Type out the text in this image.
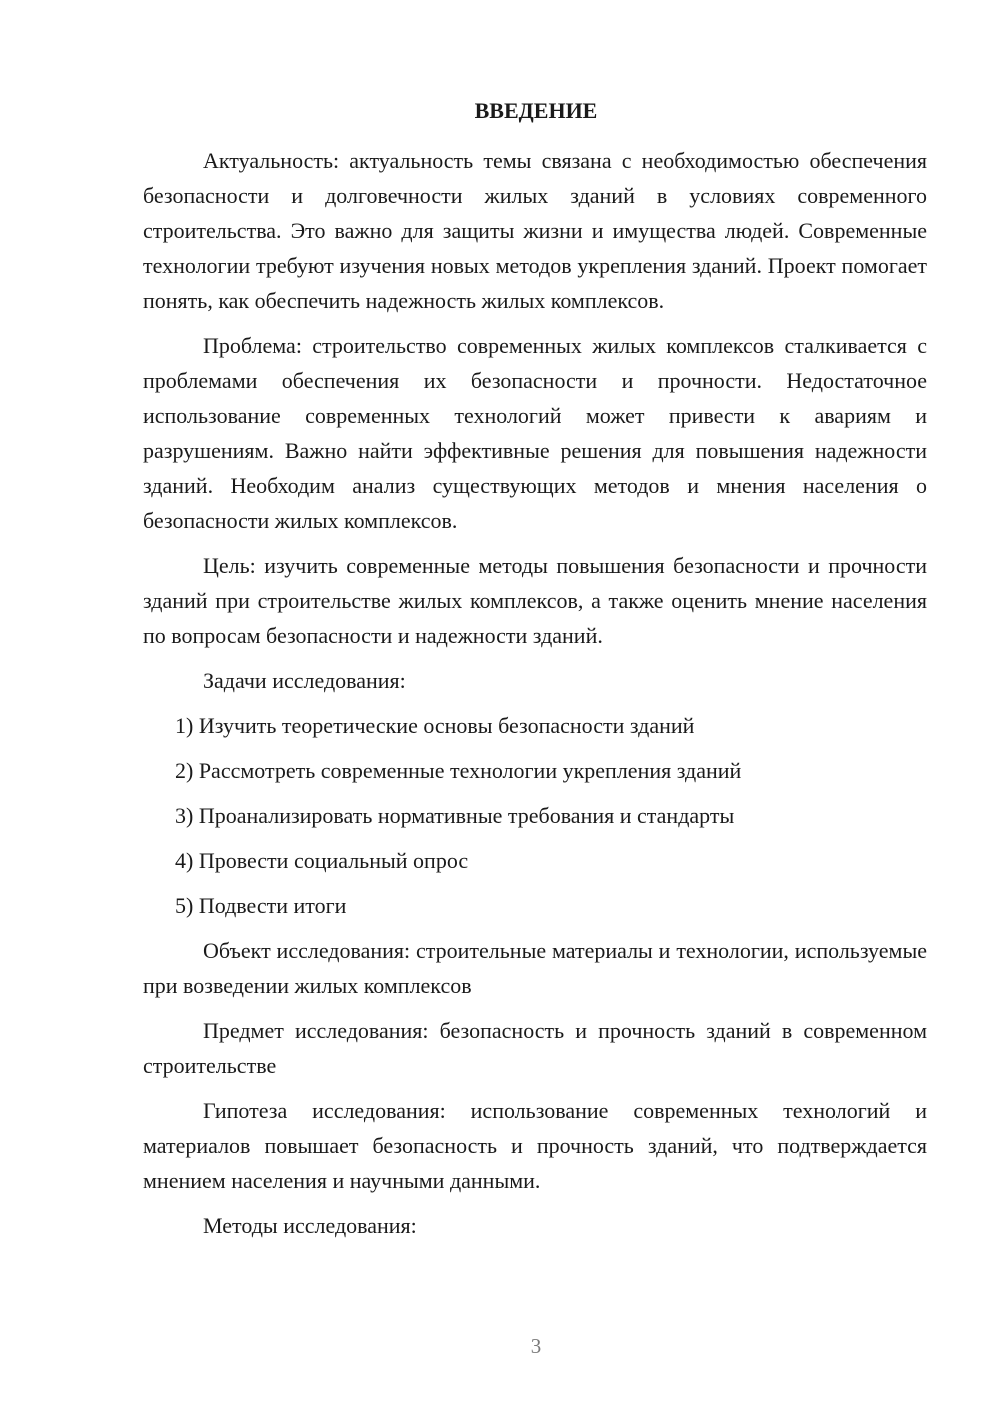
ВВЕДЕНИЕ

Актуальность: актуальность темы связана с необходимостью обеспечения безопасности и долговечности жилых зданий в условиях современного строительства. Это важно для защиты жизни и имущества людей. Современные технологии требуют изучения новых методов укрепления зданий. Проект помогает понять, как обеспечить надежность жилых комплексов.

Проблема: строительство современных жилых комплексов сталкивается с проблемами обеспечения их безопасности и прочности. Недостаточное использование современных технологий может привести к авариям и разрушениям. Важно найти эффективные решения для повышения надежности зданий. Необходим анализ существующих методов и мнения населения о безопасности жилых комплексов.

Цель: изучить современные методы повышения безопасности и прочности зданий при строительстве жилых комплексов, а также оценить мнение населения по вопросам безопасности и надежности зданий.

Задачи исследования:

1) Изучить теоретические основы безопасности зданий
2) Рассмотреть современные технологии укрепления зданий
3) Проанализировать нормативные требования и стандарты
4) Провести социальный опрос
5) Подвести итоги

Объект исследования: строительные материалы и технологии, используемые при возведении жилых комплексов

Предмет исследования: безопасность и прочность зданий в современном строительстве

Гипотеза исследования: использование современных технологий и материалов повышает безопасность и прочность зданий, что подтверждается мнением населения и научными данными.

Методы исследования:

3
